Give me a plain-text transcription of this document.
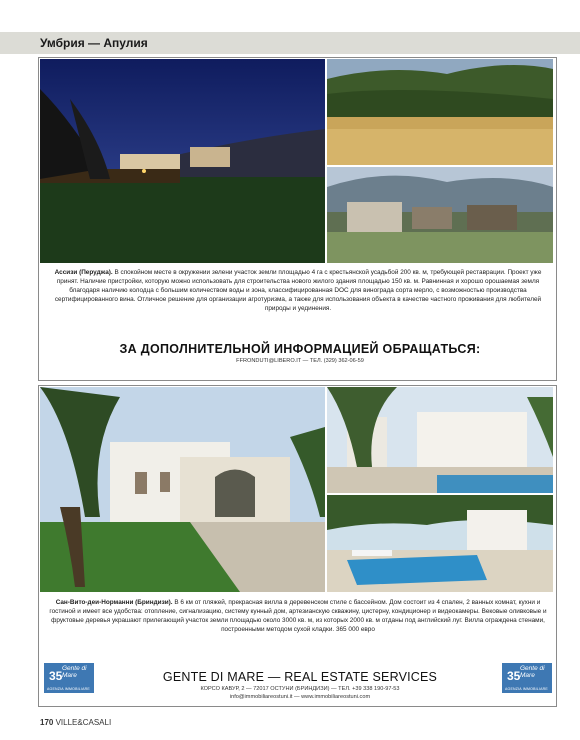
Умбрия — Апулия
Ассизи (Перуджа). В спокойном месте в окружении зелени участок земли площадью 4 га с крестьянской усадьбой 200 кв. м, требующей реставрации. Проект уже принят. Наличие пристройки, которую можно использовать для строительства нового жилого здания площадью 150 кв. м. Равнинная и хорошо орошаемая земля благодаря наличию колодца с большим количеством воды и зона, классифицированная DOC для виноградa сорта мерло, с возможностью производства сертифицированного вина. Отличное решение для организации агротуризма, а также для использования объекта в качестве частного проживания для любителей природы и уединения.
ЗА ДОПОЛНИТЕЛЬНОЙ ИНФОРМАЦИЕЙ ОБРАЩАТЬСЯ:
FFRONDUTI@LIBERO.IT — ТЕЛ. (329) 362-06-59
Сан-Вито-деи-Норманни (Бриндизи). В 6 км от пляжей, прекрасная вилла в деревенском стиле с бассейном. Дом состоит из 4 спален, 2 ванных комнат, кухни и гостиной и имеет все удобства: отопление, сигнализацию, систему кунный дом, артезианскую скважину, цистерну, кондиционер и видеокамеры. Вековые оливковые и фруктовые деревья украшают прилегающий участок земли площадью около 3000 кв. м, из которых 2000 кв. м отданы под английский луг. Вилла ограждена стенами, построенными методом сухой кладки. 365 000 евро
35
Gente di Mare
AGENZIA IMMOBILIARE
35
Gente di Mare
AGENZIA IMMOBILIARE
GENTE DI MARE — REAL ESTATE SERVICES
КОРСО КАВУР, 2 — 72017 ОСТУНИ (БРИНДИЗИ) — ТЕЛ. +39 338 190-97-53
info@immobiliareostuni.it — www.immobiliareostuni.com
170 VILLE&CASALI
